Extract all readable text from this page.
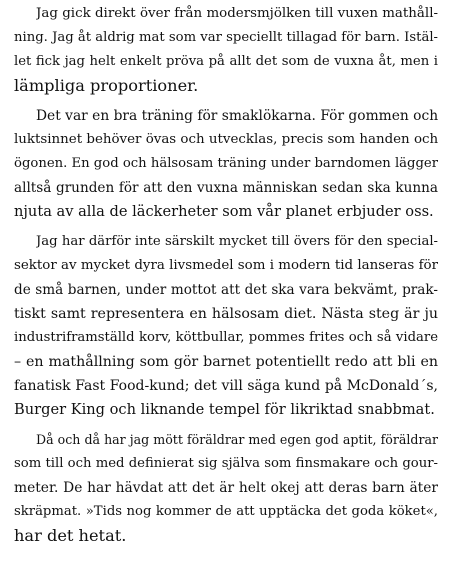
Jag gick direkt över från modersmjölken till vuxen mathåll-
ning. Jag åt aldrig mat som var speciellt tillagad för barn. Istäl-
let fick jag helt enkelt pröva på allt det som de vuxna åt, men i
lämpliga proportioner.
Det var en bra träning för smaklökarna. För gommen och
luktsinnet behöver övas och utvecklas, precis som handen och
ögonen. En god och hälsosam träning under barndomen lägger
alltså grunden för att den vuxna människan sedan ska kunna
njuta av alla de läckerheter som vår planet erbjuder oss.
Jag har därför inte särskilt mycket till övers för den special-
sektor av mycket dyra livsmedel som i modern tid lanseras för
de små barnen, under mottot att det ska vara bekvämt, prak-
tiskt samt representera en hälsosam diet. Nästa steg är ju
industriframställd korv, köttbullar, pommes frites och så vidare
– en mathållning som gör barnet potentiellt redo att bli en
fanatisk Fast Food-kund; det vill säga kund på McDonald´s,
Burger King och liknande tempel för likriktad snabbmat.
Då och då har jag mött föräldrar med egen god aptit, föräldrar
som till och med definierat sig själva som finsmakare och gour-
meter. De har hävdat att det är helt okej att deras barn äter
skräpmat. »Tids nog kommer de att upptäcka det goda köket«,
har det hetat.
